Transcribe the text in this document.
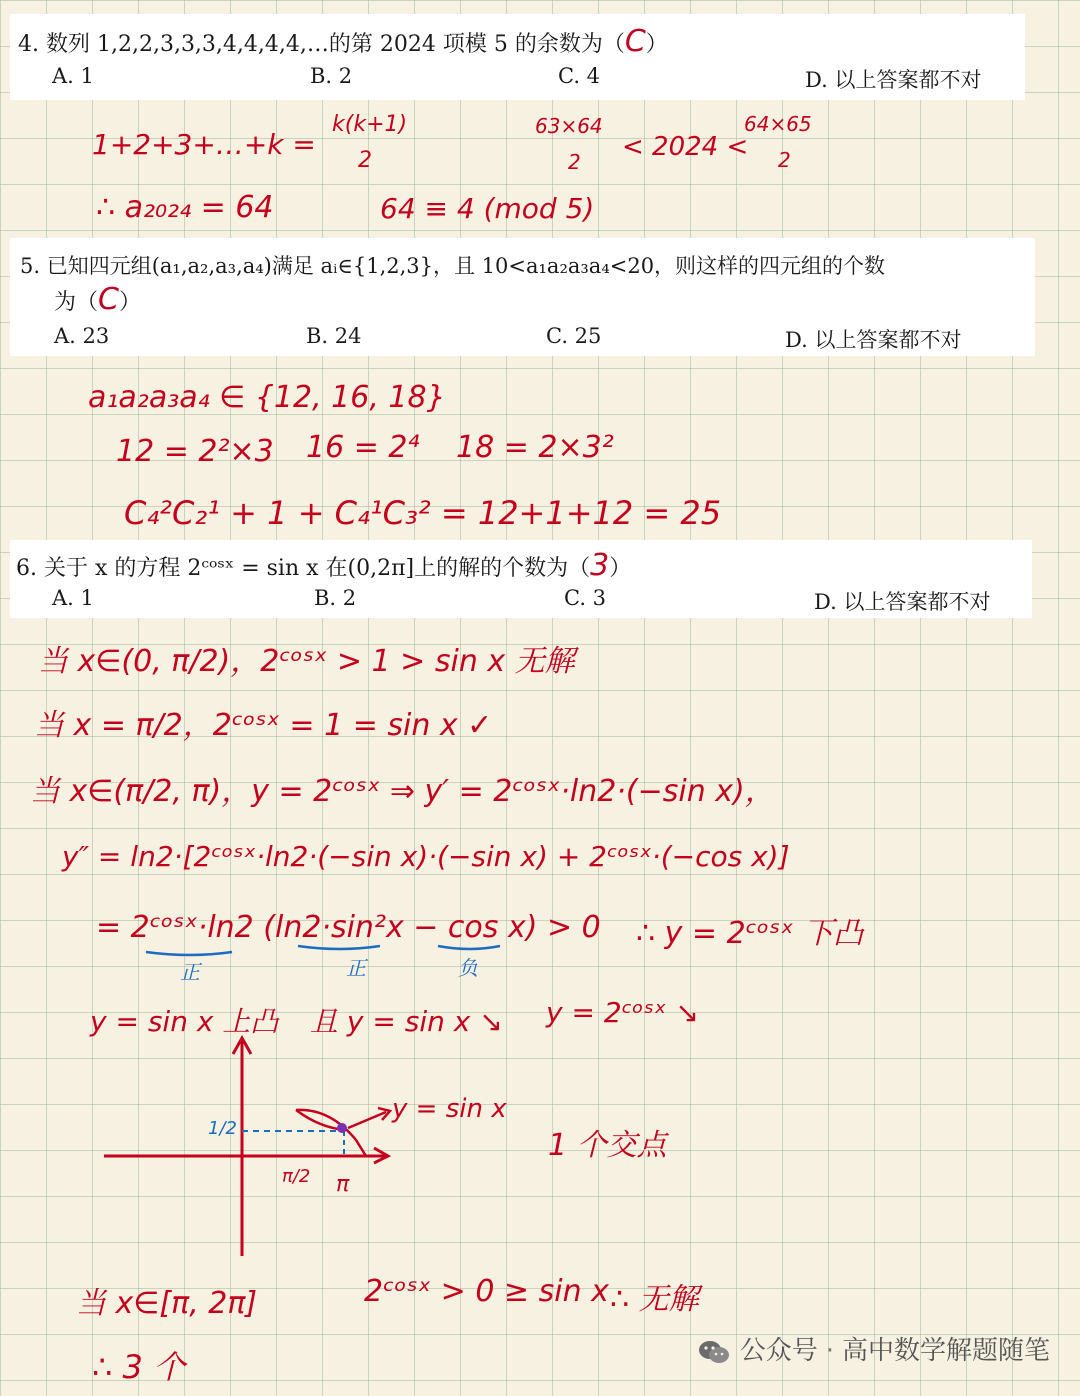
4. 数列 1,2,2,3,3,3,4,4,4,4,…的第 2024 项模 5 的余数为（C）
A. 1	B. 2	C. 4	D. 以上答案都不对
1+2+3+…+k =
k(k+1)
2
63×64
2 < 2024 <
64×65
2
∴ a₂₀₂₄ = 64	64 ≡ 4 (mod 5)
5. 已知四元组(a₁,a₂,a₃,a₄)满足 aᵢ∈{1,2,3}，且 10<a₁a₂a₃a₄<20，则这样的四元组的个数
为（C）
A. 23	B. 24	C. 25	D. 以上答案都不对
a₁a₂a₃a₄ ∈ {12, 16, 18}
12 = 2²×3 16 = 2⁴ 18 = 2×3²
C₄²C₂¹ + 1 + C₄¹C₃² = 12+1+12 = 25
6. 关于 x 的方程 2ᶜᵒˢˣ = sin x 在(0,2π]上的解的个数为（3）
A. 1	B. 2	C. 3	D. 以上答案都不对
当 x∈(0, π/2)，2ᶜᵒˢˣ > 1 > sin x 无解
当 x = π/2，2ᶜᵒˢˣ = 1 = sin x ✓
当 x∈(π/2, π)，y = 2ᶜᵒˢˣ ⇒ y′ = 2ᶜᵒˢˣ·ln2·(−sin x)，
y″ = ln2·[2ᶜᵒˢˣ·ln2·(−sin x)·(−sin x) + 2ᶜᵒˢˣ·(−cos x)]
= 2ᶜᵒˢˣ·ln2 (ln2·sin²x − cos x) > 0 ∴ y = 2ᶜᵒˢˣ 下凸
正	正	负
y = sin x 上凸 且 y = sin x ↘ y = 2ᶜᵒˢˣ ↘
y = sin x
1/2
π/2 π
1 个交点
当 x∈[π, 2π]	2ᶜᵒˢˣ > 0 ≥ sin x ∴ 无解
∴ 3 个	公众号 · 高中数学解题随笔
